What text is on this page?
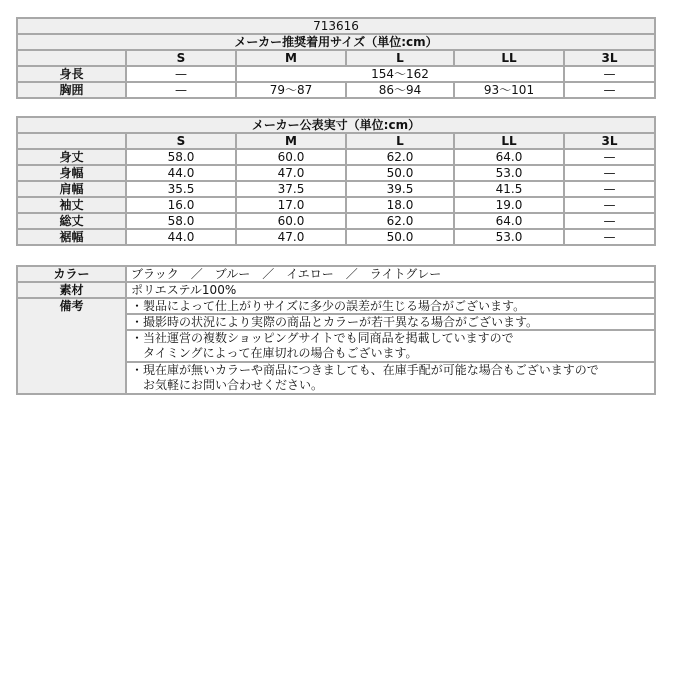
713616					
メーカー推奨着用サイズ（単位:cm）					
	S	M	L	LL	3L
身長	—	154〜162			—
胸囲	—	79〜87	86〜94	93〜101	—
メーカー公表実寸（単位:cm）					
	S	M	L	LL	3L
身丈	58.0	60.0	62.0	64.0	—
身幅	44.0	47.0	50.0	53.0	—
肩幅	35.5	37.5	39.5	41.5	—
袖丈	16.0	17.0	18.0	19.0	—
総丈	58.0	60.0	62.0	64.0	—
裾幅	44.0	47.0	50.0	53.0	—
カラー	ブラック　／　ブルー　／　イエロー　／　ライトグレー
素材	ポリエステル100%
備考	・製品によって仕上がりサイズに多少の誤差が生じる場合がございます。
	・撮影時の状況により実際の商品とカラーが若干異なる場合がございます。

	・当社運営の複数ショッピングサイトでも同商品を掲載していますので
　タイミングによって在庫切れの場合もございます。

	・現在庫が無いカラーや商品につきましても、在庫手配が可能な場合もございますので
　お気軽にお問い合わせください。
